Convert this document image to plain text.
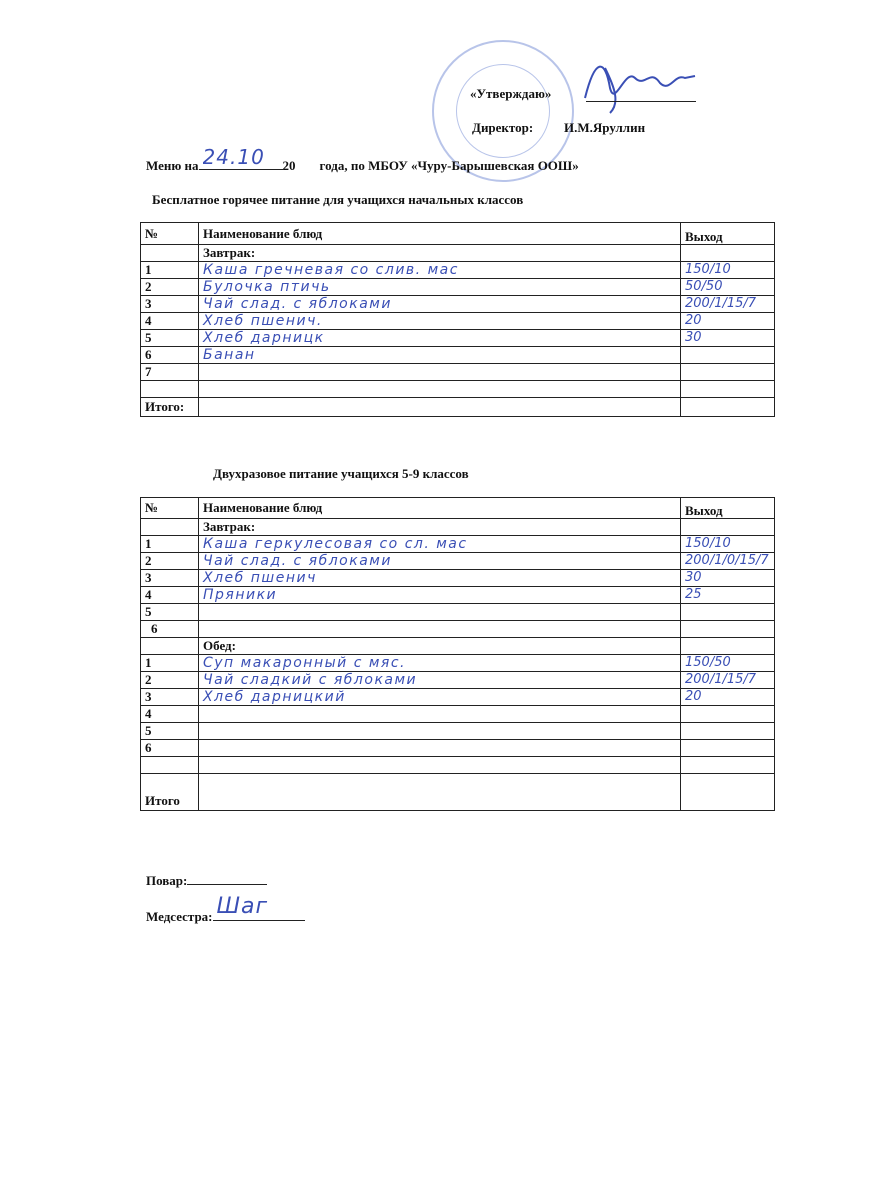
«Утверждаю»
Директор: И.М.Яруллин
Меню на 24.10 20 года, по МБОУ «Чуру-Барышевская ООШ»
Бесплатное горячее питание для учащихся начальных классов
№	Наименование блюд	Выход
	Завтрак:	
1	Каша гречневая со слив. мас	150/10
2	Булочка птичь	50/50
3	Чай слад. с яблоками	200/1/15/7
4	Хлеб пшенич.	20
5	Хлеб дарницк	30
6	Банан	
7		

Итого:		
Двухразовое питание учащихся 5-9 классов
№	Наименование блюд	Выход
	Завтрак:	
1	Каша геркулесовая со сл. мас	150/10
2	Чай слад. с яблоками	200/1/0/15/7
3	Хлеб пшенич	30
4	Пряники	25
5		
6		
	Обед:	
1	Суп макаронный с мяс.	150/50
2	Чай сладкий с яблоками	200/1/15/7
3	Хлеб дарницкий	20
4		
5		
6		

Итого		
Повар:
Медсестра: Шаг
